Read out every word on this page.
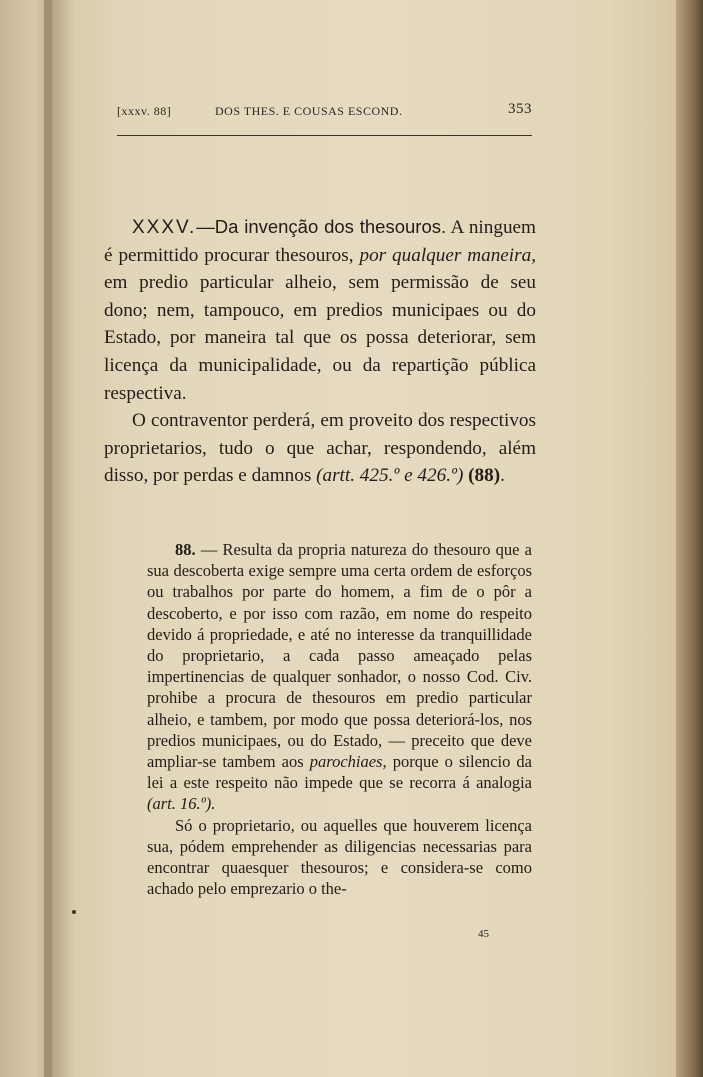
[xxxv. 88]	DOS THES. E COUSAS ESCOND.	353

XXXV.—Da invenção dos thesouros. A ninguem é permittido procurar thesouros, por qualquer maneira, em predio particular alheio, sem permissão de seu dono; nem, tampouco, em predios municipaes ou do Estado, por maneira tal que os possa deteriorar, sem licença da municipalidade, ou da repartição pública respectiva.

O contraventor perderá, em proveito dos respectivos proprietarios, tudo o que achar, respondendo, além disso, por perdas e damnos (artt. 425.º e 426.º) (88).

88. — Resulta da propria natureza do thesouro que a sua descoberta exige sempre uma certa ordem de esforços ou trabalhos por parte do homem, a fim de o pôr a descoberto, e por isso com razão, em nome do respeito devido á propriedade, e até no interesse da tranquillidade do proprietario, a cada passo ameaçado pelas impertinencias de qualquer sonhador, o nosso Cod. Civ. prohibe a procura de thesouros em predio particular alheio, e tambem, por modo que possa deteriorá-los, nos predios municipaes, ou do Estado, — preceito que deve ampliar-se tambem aos parochiaes, porque o silencio da lei a este respeito não impede que se recorra á analogia (art. 16.º).

Só o proprietario, ou aquelles que houverem licença sua, pódem emprehender as diligencias necessarias para encontrar quaesquer thesouros; e considera-se como achado pelo emprezario o the-

45
